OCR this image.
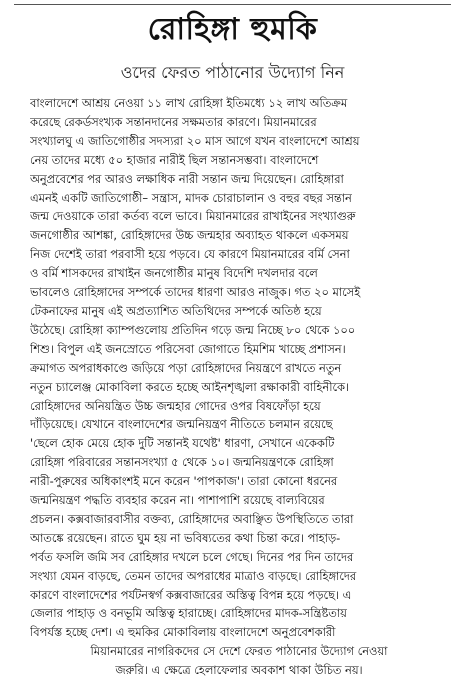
রোহিঙ্গা হুমকি
ওদের ফেরত পাঠানোর উদ্যোগ নিন
বাংলাদেশে আশ্রয় নেওয়া ১১ লাখ রোহিঙ্গা ইতিমধ্যে ১২ লাখ অতিক্রম
করেছে রেকর্ডসংখ্যক সন্তানদানের সক্ষমতার কারণে। মিয়ানমারের
সংখ্যালঘু এ জাতিগোষ্ঠীর সদস্যরা ২০ মাস আগে যখন বাংলাদেশে আশ্রয়
নেয় তাদের মধ্যে ৫০ হাজার নারীই ছিল সন্তানসম্ভবা। বাংলাদেশে
অনুপ্রবেশের পর আরও লক্ষাধিক নারী সন্তান জন্ম দিয়েছেন। রোহিঙ্গারা
এমনই একটি জাতিগোষ্ঠী– সন্ত্রাস, মাদক চোরাচালান ও বহুর বছর সন্তান
জন্ম দেওয়াকে তারা কর্তব্য বলে ভাবে। মিয়ানমারের রাখাইনের সংখ্যাগুরু
জনগোষ্ঠীর আশঙ্কা, রোহিঙ্গাদের উচ্চ জন্মহার অব্যাহত থাকলে একসময়
নিজ দেশেই তারা পরবাসী হয়ে পড়বে। যে কারণে মিয়ানমারের বর্মি সেনা
ও বর্মি শাসকদের রাখাইন জনগোষ্ঠীর মানুষ বিদেশি দখলদার বলে
ভাবলেও রোহিঙ্গাদের সম্পর্কে তাদের ধারণা আরও নাজুক। গত ২০ মাসেই
টেকনাফের মানুষ এই অপ্রত্যাশিত অতিথিদের সম্পর্কে অতিষ্ঠ হয়ে
উঠেছে। রোহিঙ্গা ক্যাম্পগুলোয় প্রতিদিন গড়ে জন্ম নিচ্ছে ৮০ থেকে ১০০
শিশু। বিপুল এই জনস্রোতে পরিসেবা জোগাতে হিমশিম খাচ্ছে প্রশাসন।
ক্রমাগত অপরাধকাণ্ডে জড়িয়ে পড়া রোহিঙ্গাদের নিয়ন্ত্রণে রাখতে নতুন
নতুন চ্যালেঞ্জ মোকাবিলা করতে হচ্ছে আইনশৃঙ্খলা রক্ষাকারী বাহিনীকে।
রোহিঙ্গাদের অনিয়ন্ত্রিত উচ্চ জন্মহার গোদের ওপর বিষফোঁড়া হয়ে
দাঁড়িয়েছে। যেখানে বাংলাদেশের জন্মনিয়ন্ত্রণ নীতিতে চলমান রয়েছে
'ছেলে হোক মেয়ে হোক দুটি সন্তানই যথেষ্ট' ধারণা, সেখানে একেকটি
রোহিঙ্গা পরিবারের সন্তানসংখ্যা ৫ থেকে ১০। জন্মনিয়ন্ত্রণকে রোহিঙ্গা
নারী-পুরুষের অধিকাংশই মনে করেন 'পাপকাজ'। তারা কোনো ধরনের
জন্মনিয়ন্ত্রণ পদ্ধতি ব্যবহার করেন না। পাশাপাশি রয়েছে বাল্যবিয়ের
প্রচলন। কক্সবাজারবাসীর বক্তব্য, রোহিঙ্গাদের অবাঞ্ছিত উপস্থিতিতে তারা
আতঙ্কে রয়েছেন। রাতে ঘুম হয় না ভবিষ্যতের কথা চিন্তা করে। পাহাড়-
পর্বত ফসলি জমি সব রোহিঙ্গার দখলে চলে গেছে। দিনের পর দিন তাদের
সংখ্যা যেমন বাড়ছে, তেমন তাদের অপরাধের মাত্রাও বাড়ছে। রোহিঙ্গাদের
কারণে বাংলাদেশের পর্যটনস্বর্গ কক্সবাজারের অস্তিত্ব বিপন্ন হয়ে পড়ছে। এ
জেলার পাহাড় ও বনভূমি অস্তিত্ব হারাচ্ছে। রোহিঙ্গাদের মাদক-সন্ত্রিষ্টতায়
বিপর্যস্ত হচ্ছে দেশ। এ হুমকির মোকাবিলায় বাংলাদেশে অনুপ্রবেশকারী
মিয়ানমারের নাগরিকদের সে দেশে ফেরত পাঠানোর উদ্যোগ নেওয়া
জরুরি। এ ক্ষেত্রে হেলাফেলার অবকাশ থাকা উচিত নয়।
